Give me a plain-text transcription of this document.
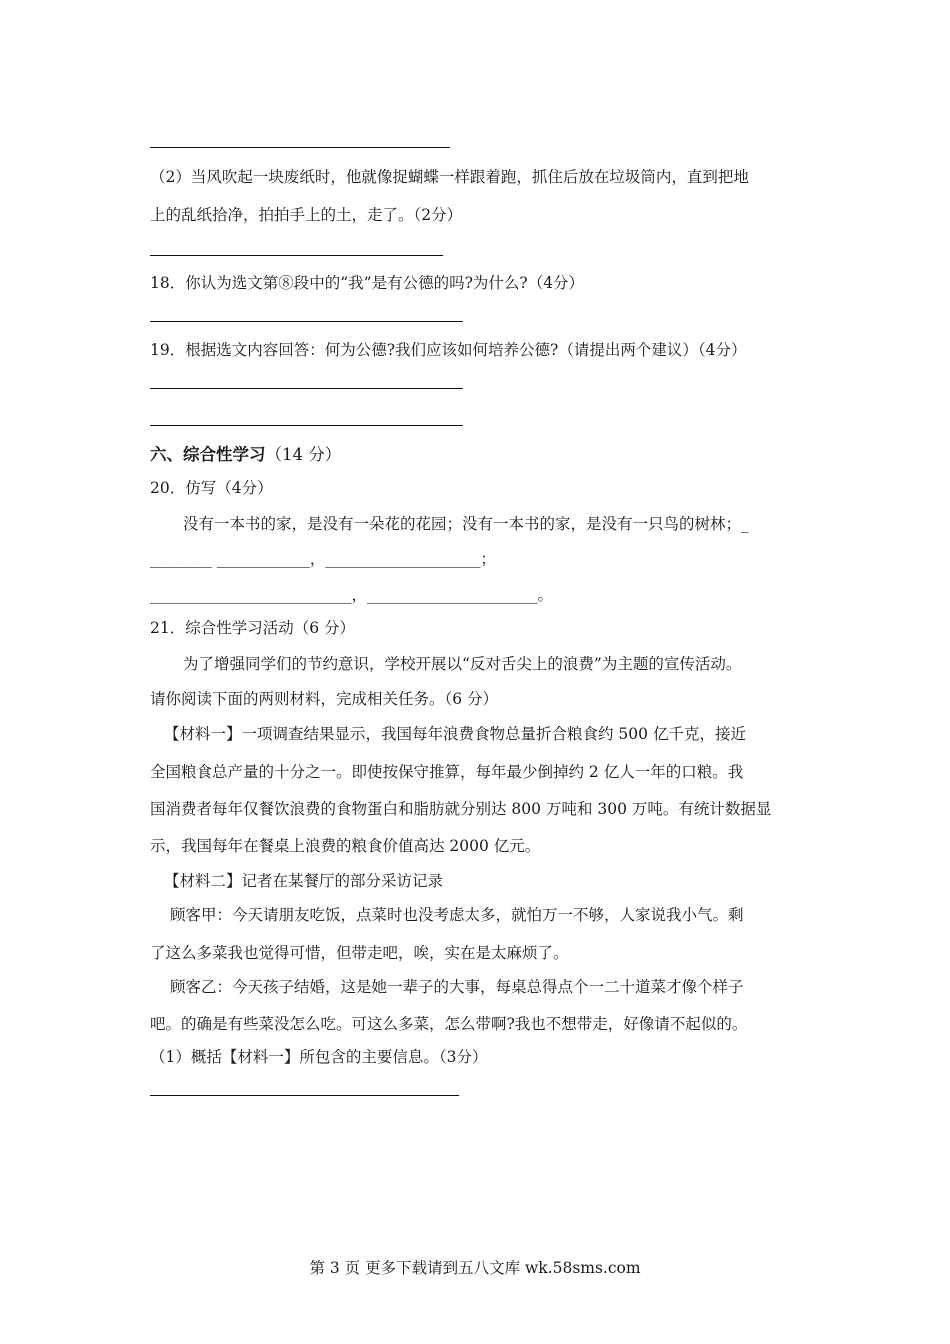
（2）当风吹起一块废纸时，他就像捉蝴蝶一样跟着跑，抓住后放在垃圾筒内，直到把地
上的乱纸拾净，拍拍手上的土，走了。（2分）
18．你认为选文第⑧段中的“我”是有公德的吗?为什么?（4分）
19．根据选文内容回答：何为公德?我们应该如何培养公德?（请提出两个建议）（4分）
六、综合性学习（14 分）
20．仿写（4分）
没有一本书的家，是没有一朵花的花园；没有一本书的家，是没有一只鸟的树林；_
________ ____________，____________________；
__________________________，______________________。
21．综合性学习活动（6 分）
为了增强同学们的节约意识，学校开展以“反对舌尖上的浪费”为主题的宣传活动。
请你阅读下面的两则材料，完成相关任务。（6 分）
【材料一】一项调查结果显示，我国每年浪费食物总量折合粮食约 500 亿千克，接近
全国粮食总产量的十分之一。即使按保守推算，每年最少倒掉约 2 亿人一年的口粮。我
国消费者每年仅餐饮浪费的食物蛋白和脂肪就分别达 800 万吨和 300 万吨。有统计数据显
示，我国每年在餐桌上浪费的粮食价值高达 2000 亿元。
【材料二】记者在某餐厅的部分采访记录
顾客甲：今天请朋友吃饭，点菜时也没考虑太多，就怕万一不够，人家说我小气。剩
了这么多菜我也觉得可惜，但带走吧，唉，实在是太麻烦了。
顾客乙：今天孩子结婚，这是她一辈子的大事，每桌总得点个一二十道菜才像个样子
吧。的确是有些菜没怎么吃。可这么多菜，怎么带啊?我也不想带走，好像请不起似的。
（1）概括【材料一】所包含的主要信息。（3分）
第 3 页 更多下载请到五八文库 wk.58sms.com
